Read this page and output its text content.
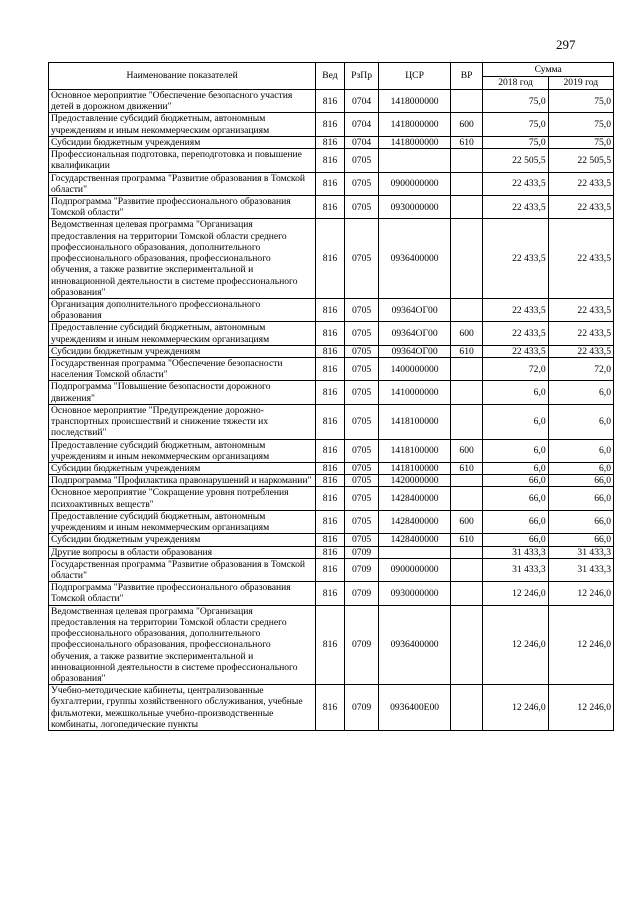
297
Наименование показателей	Вед	РзПр	ЦСР	ВР	Сумма	
					2018 год	2019 год
Основное мероприятие "Обеспечение безопасного участия детей в дорожном движении"	816	0704	1418000000		75,0	75,0
Предоставление субсидий бюджетным, автономным учреждениям и иным некоммерческим организациям	816	0704	1418000000	600	75,0	75,0
Субсидии бюджетным учреждениям	816	0704	1418000000	610	75,0	75,0
Профессиональная подготовка, переподготовка и повышение квалификации	816	0705			22 505,5	22 505,5
Государственная программа "Развитие образования в Томской области"	816	0705	0900000000		22 433,5	22 433,5
Подпрограмма "Развитие профессионального образования Томской области"	816	0705	0930000000		22 433,5	22 433,5
Ведомственная целевая программа "Организация предоставления на территории Томской области среднего профессионального образования, дополнительного профессионального образования, профессионального обучения, а также развитие экспериментальной и инновационной деятельности в системе профессионального образования"	816	0705	0936400000		22 433,5	22 433,5
Организация дополнительного профессионального образования	816	0705	09364ОГ00		22 433,5	22 433,5
Предоставление субсидий бюджетным, автономным учреждениям и иным некоммерческим организациям	816	0705	09364ОГ00	600	22 433,5	22 433,5
Субсидии бюджетным учреждениям	816	0705	09364ОГ00	610	22 433,5	22 433,5
Государственная программа "Обеспечение безопасности населения Томской области"	816	0705	1400000000		72,0	72,0
Подпрограмма "Повышение безопасности дорожного движения"	816	0705	1410000000		6,0	6,0
Основное мероприятие "Предупреждение дорожно-транспортных происшествий и снижение тяжести их последствий"	816	0705	1418100000		6,0	6,0
Предоставление субсидий бюджетным, автономным учреждениям и иным некоммерческим организациям	816	0705	1418100000	600	6,0	6,0
Субсидии бюджетным учреждениям	816	0705	1418100000	610	6,0	6,0
Подпрограмма "Профилактика правонарушений и наркомании"	816	0705	1420000000		66,0	66,0
Основное мероприятие "Сокращение уровня потребления психоактивных веществ"	816	0705	1428400000		66,0	66,0
Предоставление субсидий бюджетным, автономным учреждениям и иным некоммерческим организациям	816	0705	1428400000	600	66,0	66,0
Субсидии бюджетным учреждениям	816	0705	1428400000	610	66,0	66,0
Другие вопросы в области образования	816	0709			31 433,3	31 433,3
Государственная программа "Развитие образования в Томской области"	816	0709	0900000000		31 433,3	31 433,3
Подпрограмма "Развитие профессионального образования Томской области"	816	0709	0930000000		12 246,0	12 246,0
Ведомственная целевая программа "Организация предоставления на территории Томской области среднего профессионального образования, дополнительного профессионального образования, профессионального обучения, а также развитие экспериментальной и инновационной деятельности в системе профессионального образования"	816	0709	0936400000		12 246,0	12 246,0
Учебно-методические кабинеты, централизованные бухгалтерии, группы хозяйственного обслуживания, учебные фильмотеки, межшкольные учебно-производственные комбинаты, логопедические пункты	816	0709	0936400Е00		12 246,0	12 246,0
